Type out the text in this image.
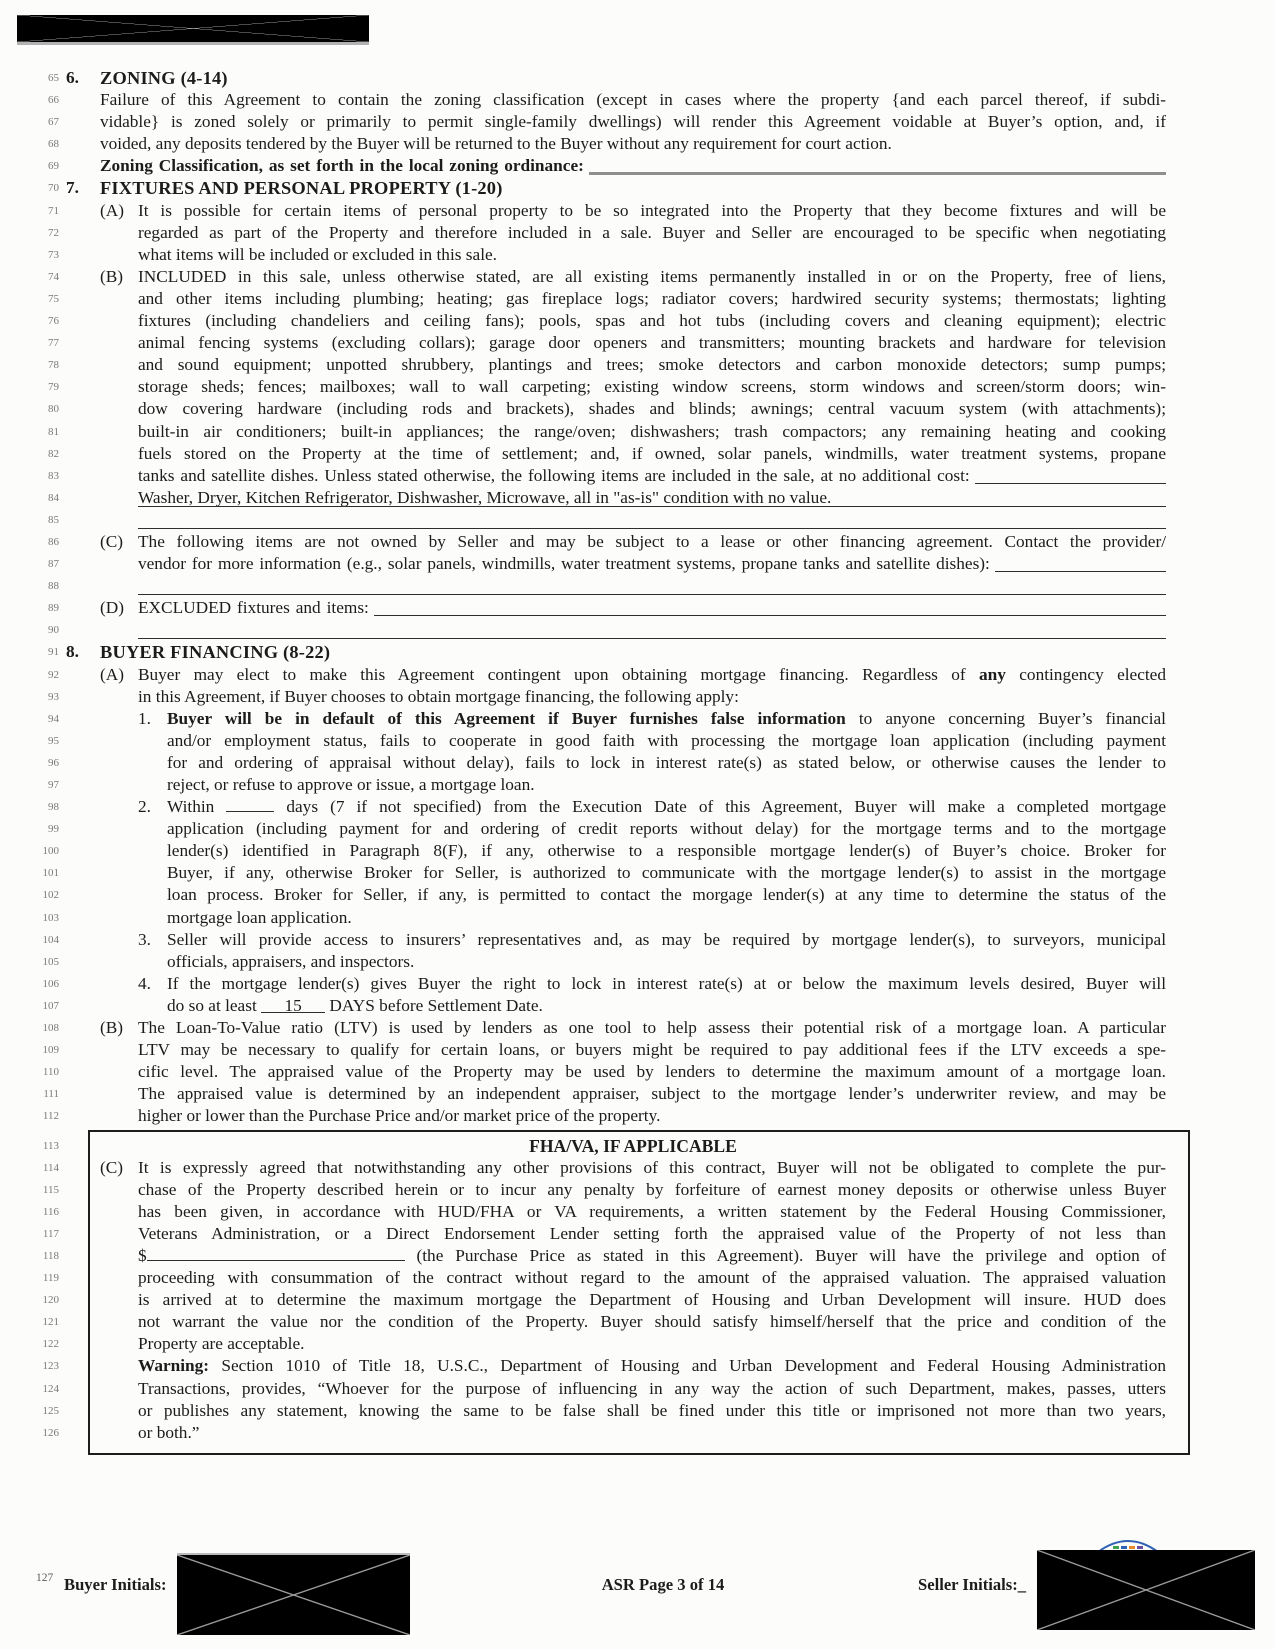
65 6. ZONING (4-14)
66 Failure of this Agreement to contain the zoning classification (except in cases where the property {and each parcel thereof, if subdi-
67 vidable} is zoned solely or primarily to permit single-family dwellings) will render this Agreement voidable at Buyer’s option, and, if
68 voided, any deposits tendered by the Buyer will be returned to the Buyer without any requirement for court action.
69 Zoning Classification, as set forth in the local zoning ordinance:
70 7. FIXTURES AND PERSONAL PROPERTY (1-20)
71 (A) It is possible for certain items of personal property to be so integrated into the Property that they become fixtures and will be
72	regarded as part of the Property and therefore included in a sale. Buyer and Seller are encouraged to be specific when negotiating
73	what items will be included or excluded in this sale.
74 (B) INCLUDED in this sale, unless otherwise stated, are all existing items permanently installed in or on the Property, free of liens,
75	and other items including plumbing; heating; gas fireplace logs; radiator covers; hardwired security systems; thermostats; lighting
76	fixtures (including chandeliers and ceiling fans); pools, spas and hot tubs (including covers and cleaning equipment); electric
77	animal fencing systems (excluding collars); garage door openers and transmitters; mounting brackets and hardware for television
78	and sound equipment; unpotted shrubbery, plantings and trees; smoke detectors and carbon monoxide detectors; sump pumps;
79	storage sheds; fences; mailboxes; wall to wall carpeting; existing window screens, storm windows and screen/storm doors; win-
80	dow covering hardware (including rods and brackets), shades and blinds; awnings; central vacuum system (with attachments);
81	built-in air conditioners; built-in appliances; the range/oven; dishwashers; trash compactors; any remaining heating and cooking
82	fuels stored on the Property at the time of settlement; and, if owned, solar panels, windmills, water treatment systems, propane
83	tanks and satellite dishes. Unless stated otherwise, the following items are included in the sale, at no additional cost:
84	Washer, Dryer, Kitchen Refrigerator, Dishwasher, Microwave, all in "as-is" condition with no value.
85
86 (C) The following items are not owned by Seller and may be subject to a lease or other financing agreement. Contact the provider/
87	vendor for more information (e.g., solar panels, windmills, water treatment systems, propane tanks and satellite dishes):
88
89 (D) EXCLUDED fixtures and items:
90
91 8. BUYER FINANCING (8-22)
92 (A) Buyer may elect to make this Agreement contingent upon obtaining mortgage financing. Regardless of any contingency elected
93	in this Agreement, if Buyer chooses to obtain mortgage financing, the following apply:
94	1. Buyer will be in default of this Agreement if Buyer furnishes false information to anyone concerning Buyer’s financial
95	and/or employment status, fails to cooperate in good faith with processing the mortgage loan application (including payment
96	for and ordering of appraisal without delay), fails to lock in interest rate(s) as stated below, or otherwise causes the lender to
97	reject, or refuse to approve or issue, a mortgage loan.
98	2. Within	days (7 if not specified) from the Execution Date of this Agreement, Buyer will make a completed mortgage
99	application (including payment for and ordering of credit reports without delay) for the mortgage terms and to the mortgage
100	lender(s) identified in Paragraph 8(F), if any, otherwise to a responsible mortgage lender(s) of Buyer’s choice. Broker for
101	Buyer, if any, otherwise Broker for Seller, is authorized to communicate with the mortgage lender(s) to assist in the mortgage
102	loan process. Broker for Seller, if any, is permitted to contact the morgage lender(s) at any time to determine the status of the
103	mortgage loan application.
104	3. Seller will provide access to insurers’ representatives and, as may be required by mortgage lender(s), to surveyors, municipal
105	officials, appraisers, and inspectors.
106	4. If the mortgage lender(s) gives Buyer the right to lock in interest rate(s) at or below the maximum levels desired, Buyer will
107	do so at least 15 DAYS before Settlement Date.
108 (B) The Loan-To-Value ratio (LTV) is used by lenders as one tool to help assess their potential risk of a mortgage loan. A particular
109	LTV may be necessary to qualify for certain loans, or buyers might be required to pay additional fees if the LTV exceeds a spe-
110	cific level. The appraised value of the Property may be used by lenders to determine the maximum amount of a mortgage loan.
111	The appraised value is determined by an independent appraiser, subject to the mortgage lender’s underwriter review, and may be
112	higher or lower than the Purchase Price and/or market price of the property.
113	FHA/VA, IF APPLICABLE
114 (C) It is expressly agreed that notwithstanding any other provisions of this contract, Buyer will not be obligated to complete the pur-
115	chase of the Property described herein or to incur any penalty by forfeiture of earnest money deposits or otherwise unless Buyer
116	has been given, in accordance with HUD/FHA or VA requirements, a written statement by the Federal Housing Commissioner,
117	Veterans Administration, or a Direct Endorsement Lender setting forth the appraised value of the Property of not less than
118	$	(the Purchase Price as stated in this Agreement). Buyer will have the privilege and option of
119	proceeding with consummation of the contract without regard to the amount of the appraised valuation. The appraised valuation
120	is arrived at to determine the maximum mortgage the Department of Housing and Urban Development will insure. HUD does
121	not warrant the value nor the condition of the Property. Buyer should satisfy himself/herself that the price and condition of the
122	Property are acceptable.
123	Warning: Section 1010 of Title 18, U.S.C., Department of Housing and Urban Development and Federal Housing Administration
124	Transactions, provides, “Whoever for the purpose of influencing in any way the action of such Department, makes, passes, utters
125	or publishes any statement, knowing the same to be false shall be fined under this title or imprisoned not more than two years,
126	or both.”
127 Buyer Initials:	ASR Page 3 of 14	Seller Initials:_
